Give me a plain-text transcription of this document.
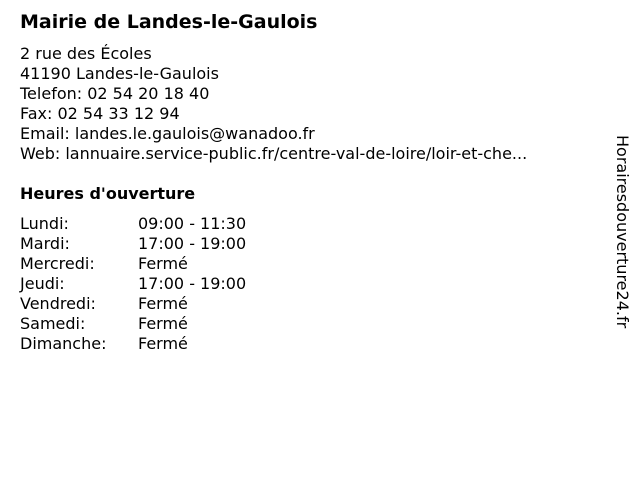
Mairie de Landes-le-Gaulois
2 rue des Écoles
41190 Landes-le-Gaulois
Telefon: 02 54 20 18 40
Fax: 02 54 33 12 94
Email: landes.le.gaulois@wanadoo.fr
Web: lannuaire.service-public.fr/centre-val-de-loire/loir-et-che...
Heures d'ouverture
Lundi:	09:00 - 11:30
Mardi:	17:00 - 19:00
Mercredi:	Fermé
Jeudi:	17:00 - 19:00
Vendredi:	Fermé
Samedi:	Fermé
Dimanche:	Fermé
Horairesdouverture24.fr
